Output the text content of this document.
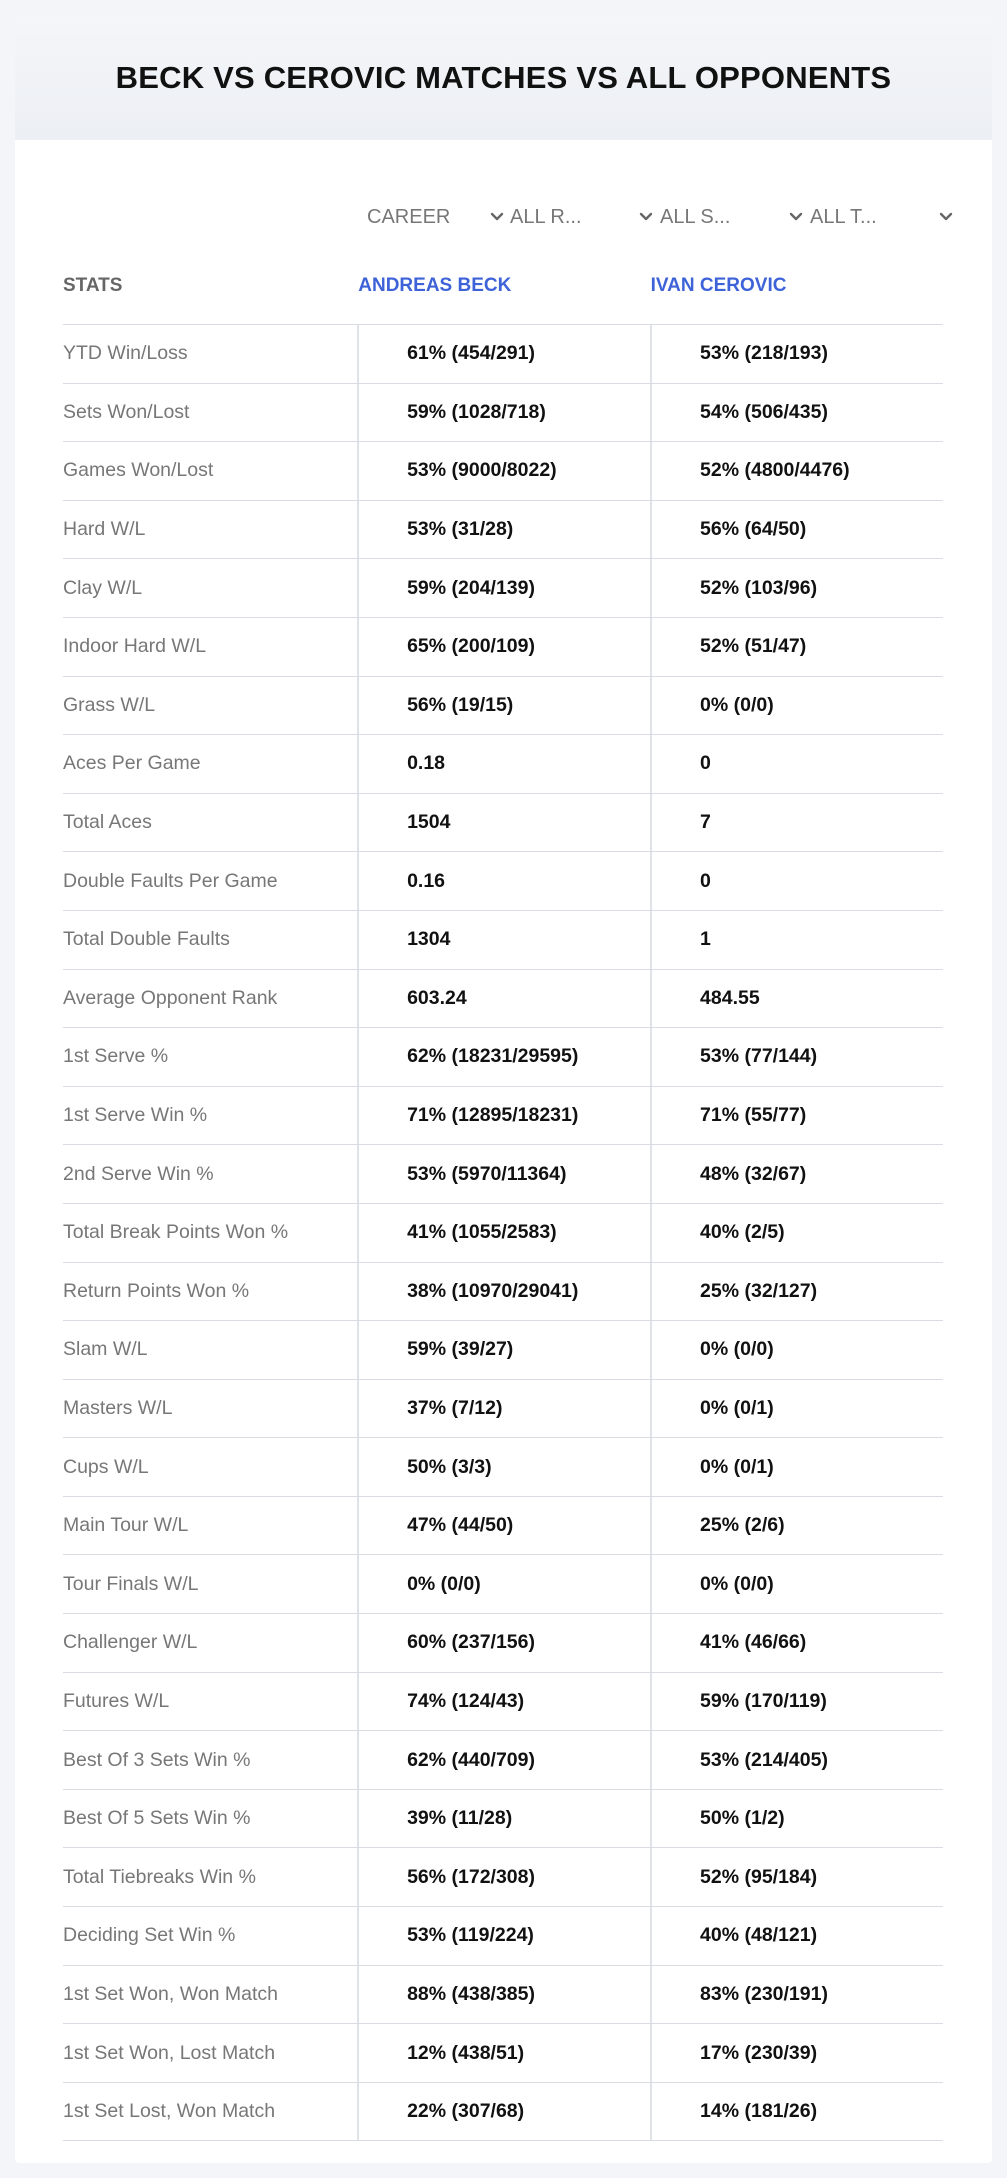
BECK VS CEROVIC MATCHES VS ALL OPPONENTS
CAREER	ALL R...	ALL S...	ALL T...
STATS	ANDREAS BECK	IVAN CEROVIC
YTD Win/Loss	61% (454/291)	53% (218/193)
Sets Won/Lost	59% (1028/718)	54% (506/435)
Games Won/Lost	53% (9000/8022)	52% (4800/4476)
Hard W/L	53% (31/28)	56% (64/50)
Clay W/L	59% (204/139)	52% (103/96)
Indoor Hard W/L	65% (200/109)	52% (51/47)
Grass W/L	56% (19/15)	0% (0/0)
Aces Per Game	0.18	0
Total Aces	1504	7
Double Faults Per Game	0.16	0
Total Double Faults	1304	1
Average Opponent Rank	603.24	484.55
1st Serve %	62% (18231/29595)	53% (77/144)
1st Serve Win %	71% (12895/18231)	71% (55/77)
2nd Serve Win %	53% (5970/11364)	48% (32/67)
Total Break Points Won %	41% (1055/2583)	40% (2/5)
Return Points Won %	38% (10970/29041)	25% (32/127)
Slam W/L	59% (39/27)	0% (0/0)
Masters W/L	37% (7/12)	0% (0/1)
Cups W/L	50% (3/3)	0% (0/1)
Main Tour W/L	47% (44/50)	25% (2/6)
Tour Finals W/L	0% (0/0)	0% (0/0)
Challenger W/L	60% (237/156)	41% (46/66)
Futures W/L	74% (124/43)	59% (170/119)
Best Of 3 Sets Win %	62% (440/709)	53% (214/405)
Best Of 5 Sets Win %	39% (11/28)	50% (1/2)
Total Tiebreaks Win %	56% (172/308)	52% (95/184)
Deciding Set Win %	53% (119/224)	40% (48/121)
1st Set Won, Won Match	88% (438/385)	83% (230/191)
1st Set Won, Lost Match	12% (438/51)	17% (230/39)
1st Set Lost, Won Match	22% (307/68)	14% (181/26)
